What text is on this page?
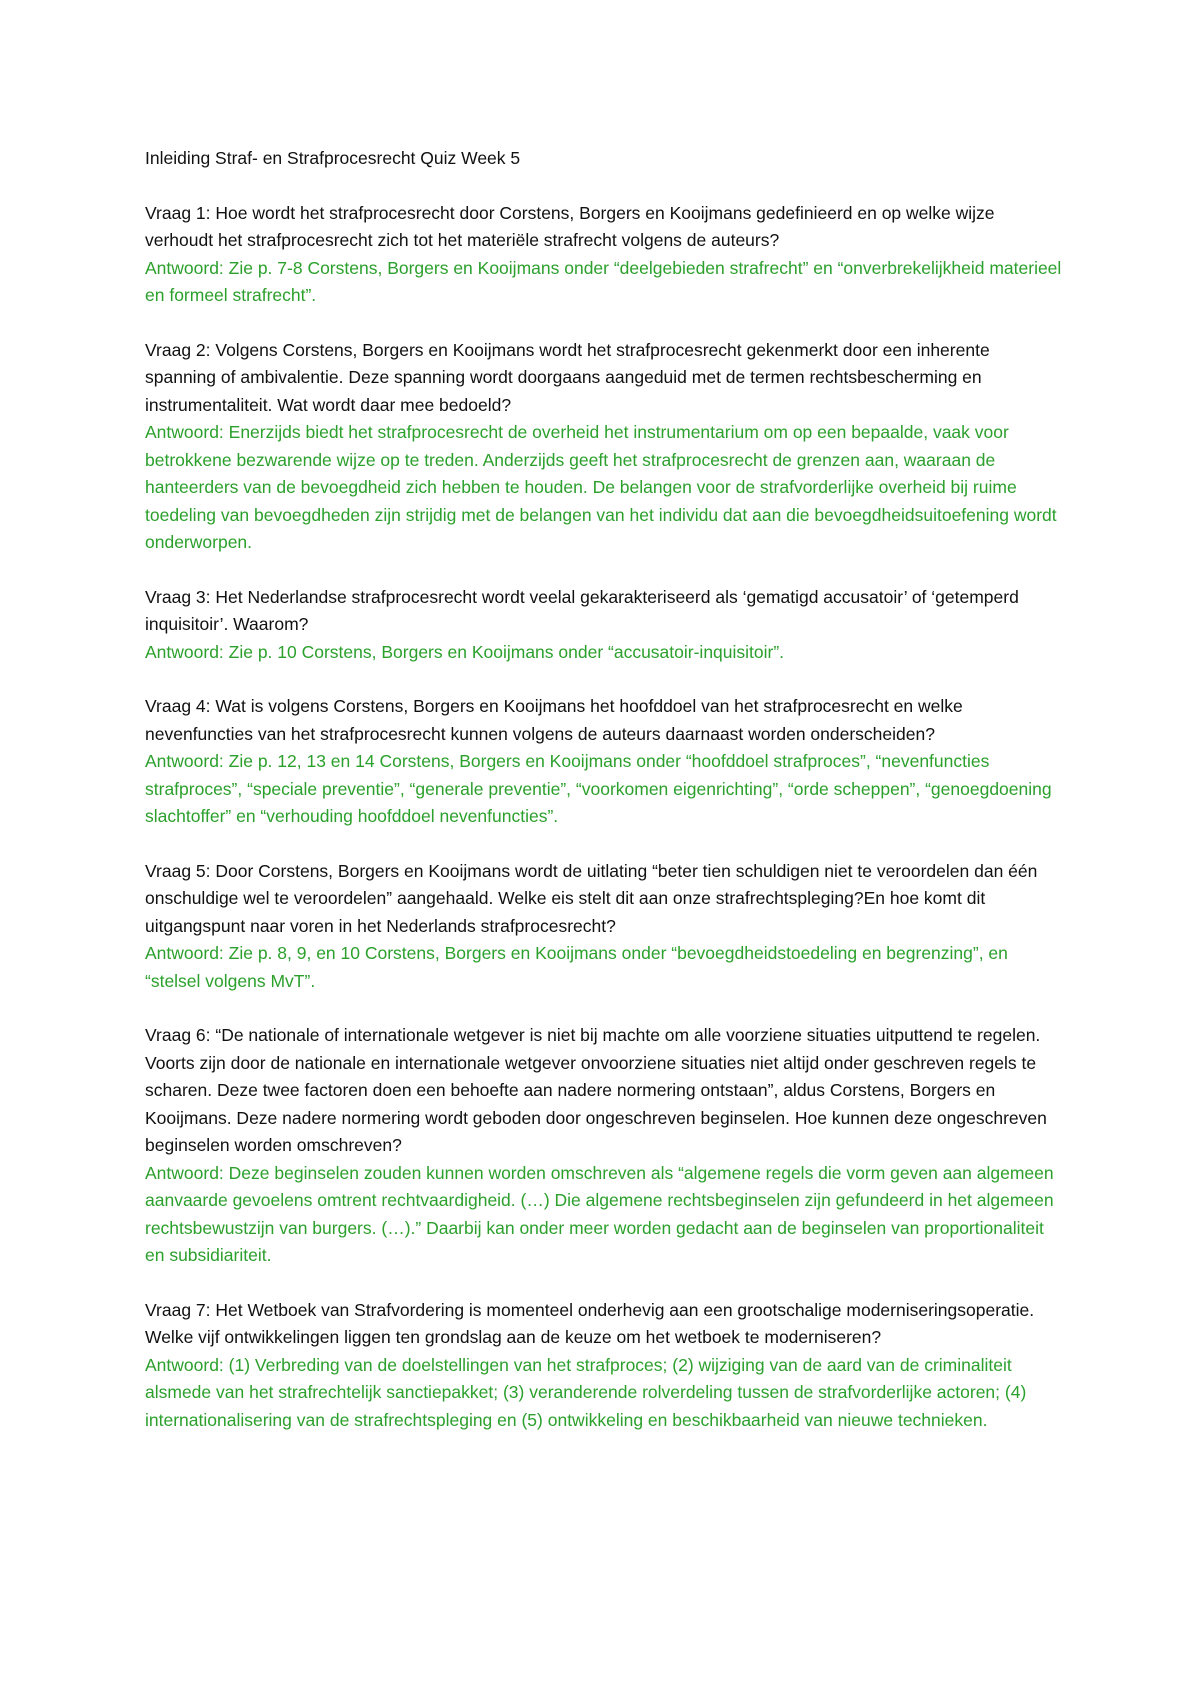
Inleiding Straf- en Strafprocesrecht Quiz Week 5

Vraag 1: Hoe wordt het strafprocesrecht door Corstens, Borgers en Kooijmans gedefinieerd en op welke wijze verhoudt het strafprocesrecht zich tot het materiële strafrecht volgens de auteurs?

Antwoord: Zie p. 7-8 Corstens, Borgers en Kooijmans onder “deelgebieden strafrecht” en “onverbrekelijkheid materieel en formeel strafrecht”.

Vraag 2: Volgens Corstens, Borgers en Kooijmans wordt het strafprocesrecht gekenmerkt door een inherente spanning of ambivalentie. Deze spanning wordt doorgaans aangeduid met de termen rechtsbescherming en instrumentaliteit. Wat wordt daar mee bedoeld?

Antwoord: Enerzijds biedt het strafprocesrecht de overheid het instrumentarium om op een bepaalde, vaak voor betrokkene bezwarende wijze op te treden. Anderzijds geeft het strafprocesrecht de grenzen aan, waaraan de hanteerders van de bevoegdheid zich hebben te houden. De belangen voor de strafvorderlijke overheid bij ruime toedeling van bevoegdheden zijn strijdig met de belangen van het individu dat aan die bevoegdheidsuitoefening wordt onderworpen.

Vraag 3: Het Nederlandse strafprocesrecht wordt veelal gekarakteriseerd als ‘gematigd accusatoir’ of ‘getemperd inquisitoir’. Waarom?

Antwoord: Zie p. 10 Corstens, Borgers en Kooijmans onder “accusatoir-inquisitoir”.

Vraag 4: Wat is volgens Corstens, Borgers en Kooijmans het hoofddoel van het strafprocesrecht en welke nevenfuncties van het strafprocesrecht kunnen volgens de auteurs daarnaast worden onderscheiden?

Antwoord: Zie p. 12, 13 en 14 Corstens, Borgers en Kooijmans onder “hoofddoel strafproces”, “nevenfuncties strafproces”, “speciale preventie”, “generale preventie”, “voorkomen eigenrichting”, “orde scheppen”, “genoegdoening slachtoffer” en “verhouding hoofddoel nevenfuncties”.

Vraag 5: Door Corstens, Borgers en Kooijmans wordt de uitlating “beter tien schuldigen niet te veroordelen dan één onschuldige wel te veroordelen” aangehaald. Welke eis stelt dit aan onze strafrechtspleging?En hoe komt dit uitgangspunt naar voren in het Nederlands strafprocesrecht?

Antwoord: Zie p. 8, 9, en 10 Corstens, Borgers en Kooijmans onder “bevoegdheidstoedeling en begrenzing”, en “stelsel volgens MvT”.

Vraag 6: “De nationale of internationale wetgever is niet bij machte om alle voorziene situaties uitputtend te regelen. Voorts zijn door de nationale en internationale wetgever onvoorziene situaties niet altijd onder geschreven regels te scharen. Deze twee factoren doen een behoefte aan nadere normering ontstaan”, aldus Corstens, Borgers en Kooijmans. Deze nadere normering wordt geboden door ongeschreven beginselen. Hoe kunnen deze ongeschreven beginselen worden omschreven?

Antwoord: Deze beginselen zouden kunnen worden omschreven als “algemene regels die vorm geven aan algemeen aanvaarde gevoelens omtrent rechtvaardigheid. (…) Die algemene rechtsbeginselen zijn gefundeerd in het algemeen rechtsbewustzijn van burgers. (…).” Daarbij kan onder meer worden gedacht aan de beginselen van proportionaliteit en subsidiariteit.

Vraag 7: Het Wetboek van Strafvordering is momenteel onderhevig aan een grootschalige moderniseringsoperatie. Welke vijf ontwikkelingen liggen ten grondslag aan de keuze om het wetboek te moderniseren?

Antwoord: (1) Verbreding van de doelstellingen van het strafproces; (2) wijziging van de aard van de criminaliteit alsmede van het strafrechtelijk sanctiepakket; (3) veranderende rolverdeling tussen de strafvorderlijke actoren; (4) internationalisering van de strafrechtspleging en (5) ontwikkeling en beschikbaarheid van nieuwe technieken.
